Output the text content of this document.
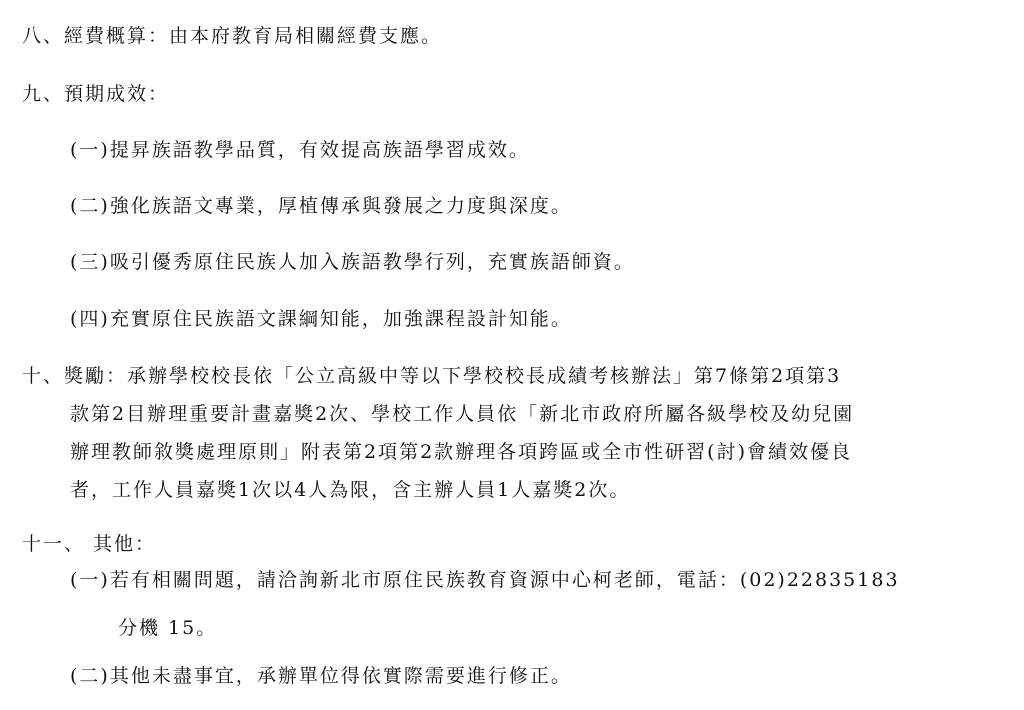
八、經費概算：由本府教育局相關經費支應。
九、預期成效：
(一)提昇族語教學品質，有效提高族語學習成效。
(二)強化族語文專業，厚植傳承與發展之力度與深度。
(三)吸引優秀原住民族人加入族語教學行列，充實族語師資。
(四)充實原住民族語文課綱知能，加強課程設計知能。
十、獎勵：承辦學校校長依「公立高級中等以下學校校長成績考核辦法」第7條第2項第3
款第2目辦理重要計畫嘉獎2次、學校工作人員依「新北市政府所屬各級學校及幼兒園
辦理教師敘獎處理原則」附表第2項第2款辦理各項跨區或全市性研習(討)會績效優良
者，工作人員嘉獎1次以4人為限，含主辦人員1人嘉獎2次。
十一、 其他：
(一)若有相關問題，請洽詢新北市原住民族教育資源中心柯老師，電話：(02)22835183
分機 15。
(二)其他未盡事宜，承辦單位得依實際需要進行修正。
